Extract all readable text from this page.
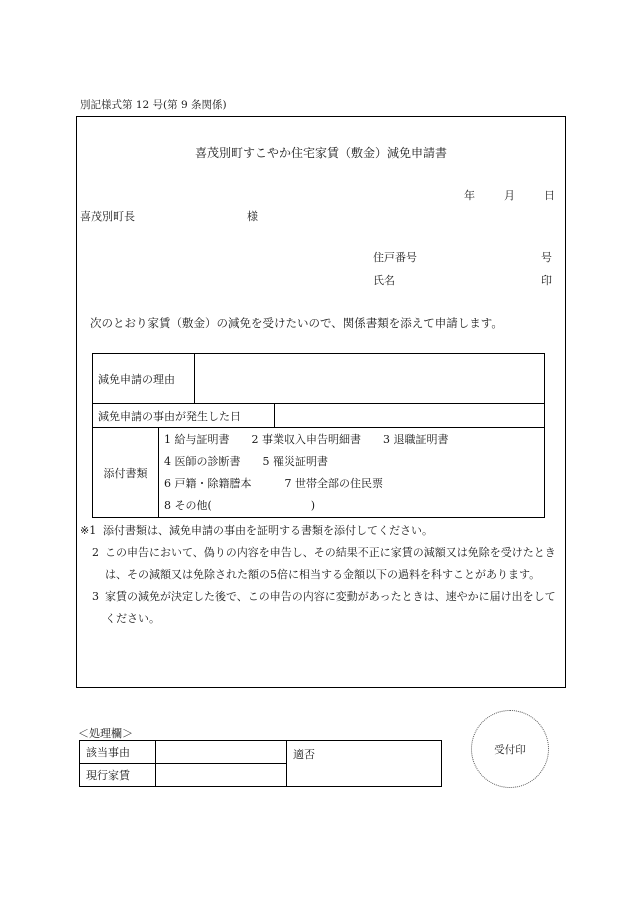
別記様式第 12 号(第 9 条関係)
喜茂別町すこやか住宅家賃（敷金）減免申請書
年	月	日
喜茂別町長	様
住戸番号	号
氏名	印
次のとおり家賃（敷金）の減免を受けたいので、関係書類を添えて申請します。
減免申請の理由			
減免申請の事由が発生した日			
添付書類	1 給与証明書　　2 事業収入申告明細書　　3 退職証明書
4 医師の診断書　　5 罹災証明書
6 戸籍・除籍謄本　　　7 世帯全部の住民票
8 その他(　　　　　　　　　)		
※1 添付書類は、減免申請の事由を証明する書類を添付してください。
2 この申告において、偽りの内容を申告し、その結果不正に家賃の減額又は免除を受けたときは、その減額又は免除された額の5倍に相当する金額以下の過料を科すことがあります。
3 家賃の減免が決定した後で、この申告の内容に変動があったときは、速やかに届け出をしてください。
＜処理欄＞
該当事由		適否
現行家賃		
受付印
